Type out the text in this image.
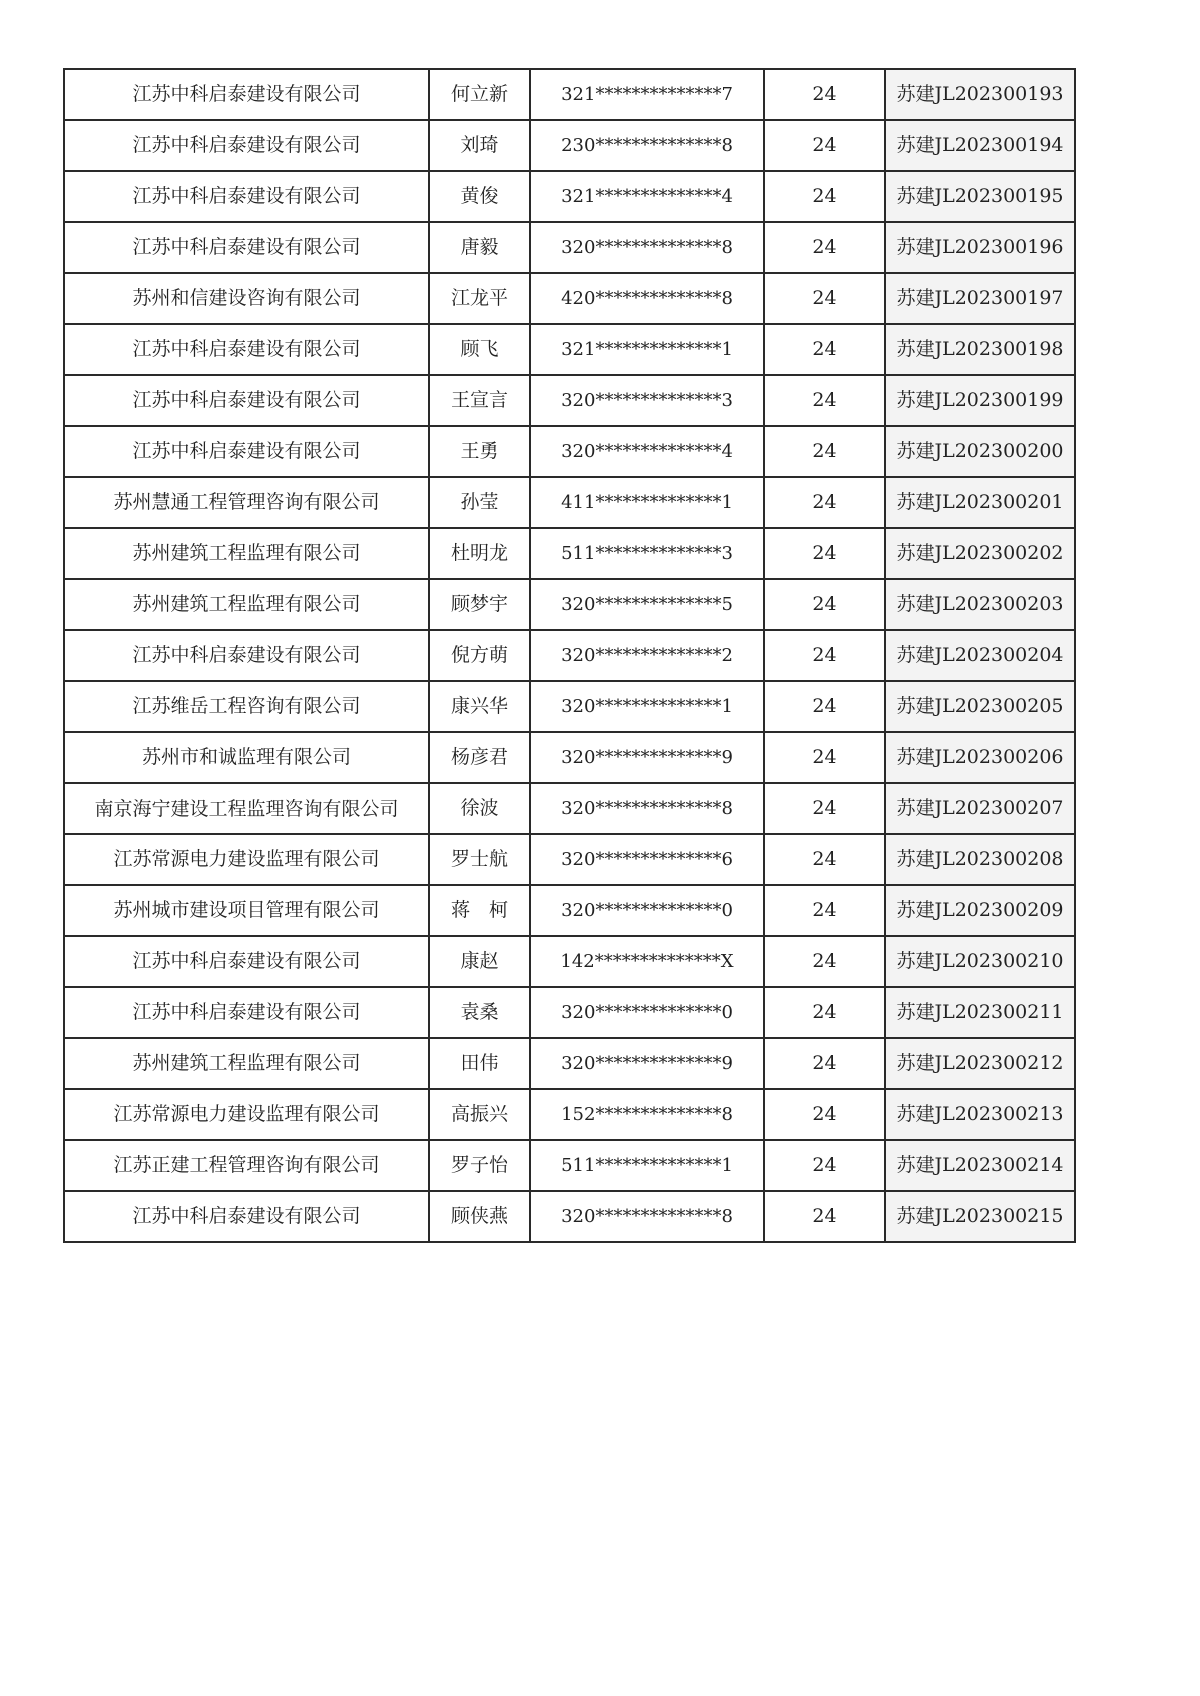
江苏中科启泰建设有限公司	何立新	321**************7	24	苏建JL202300193
江苏中科启泰建设有限公司	刘琦	230**************8	24	苏建JL202300194
江苏中科启泰建设有限公司	黄俊	321**************4	24	苏建JL202300195
江苏中科启泰建设有限公司	唐毅	320**************8	24	苏建JL202300196
苏州和信建设咨询有限公司	江龙平	420**************8	24	苏建JL202300197
江苏中科启泰建设有限公司	顾飞	321**************1	24	苏建JL202300198
江苏中科启泰建设有限公司	王宣言	320**************3	24	苏建JL202300199
江苏中科启泰建设有限公司	王勇	320**************4	24	苏建JL202300200
苏州慧通工程管理咨询有限公司	孙莹	411**************1	24	苏建JL202300201
苏州建筑工程监理有限公司	杜明龙	511**************3	24	苏建JL202300202
苏州建筑工程监理有限公司	顾梦宇	320**************5	24	苏建JL202300203
江苏中科启泰建设有限公司	倪方萌	320**************2	24	苏建JL202300204
江苏维岳工程咨询有限公司	康兴华	320**************1	24	苏建JL202300205
苏州市和诚监理有限公司	杨彦君	320**************9	24	苏建JL202300206
南京海宁建设工程监理咨询有限公司	徐波	320**************8	24	苏建JL202300207
江苏常源电力建设监理有限公司	罗士航	320**************6	24	苏建JL202300208
苏州城市建设项目管理有限公司	蒋　柯	320**************0	24	苏建JL202300209
江苏中科启泰建设有限公司	康赵	142**************X	24	苏建JL202300210
江苏中科启泰建设有限公司	袁桑	320**************0	24	苏建JL202300211
苏州建筑工程监理有限公司	田伟	320**************9	24	苏建JL202300212
江苏常源电力建设监理有限公司	高振兴	152**************8	24	苏建JL202300213
江苏正建工程管理咨询有限公司	罗子怡	511**************1	24	苏建JL202300214
江苏中科启泰建设有限公司	顾侠燕	320**************8	24	苏建JL202300215
